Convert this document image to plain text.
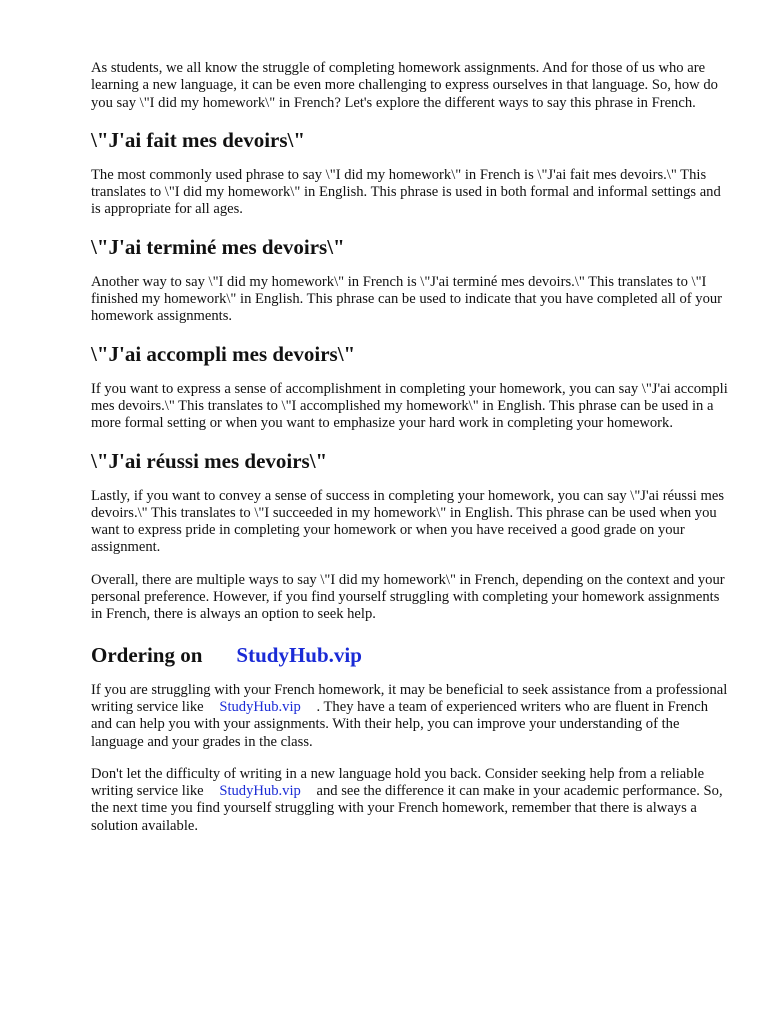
As students, we all know the struggle of completing homework assignments. And for those of us who are learning a new language, it can be even more challenging to express ourselves in that language. So, how do you say \"I did my homework\" in French? Let's explore the different ways to say this phrase in French.

\"J'ai fait mes devoirs\"

The most commonly used phrase to say \"I did my homework\" in French is \"J'ai fait mes devoirs.\" This translates to \"I did my homework\" in English. This phrase is used in both formal and informal settings and is appropriate for all ages.

\"J'ai terminé mes devoirs\"

Another way to say \"I did my homework\" in French is \"J'ai terminé mes devoirs.\" This translates to \"I finished my homework\" in English. This phrase can be used to indicate that you have completed all of your homework assignments.

\"J'ai accompli mes devoirs\"

If you want to express a sense of accomplishment in completing your homework, you can say \"J'ai accompli mes devoirs.\" This translates to \"I accomplished my homework\" in English. This phrase can be used in a more formal setting or when you want to emphasize your hard work in completing your homework.

\"J'ai réussi mes devoirs\"

Lastly, if you want to convey a sense of success in completing your homework, you can say \"J'ai réussi mes devoirs.\" This translates to \"I succeeded in my homework\" in English. This phrase can be used when you want to express pride in completing your homework or when you have received a good grade on your assignment.

Overall, there are multiple ways to say \"I did my homework\" in French, depending on the context and your personal preference. However, if you find yourself struggling with completing your homework assignments in French, there is always an option to seek help.

Ordering on StudyHub.vip

If you are struggling with your French homework, it may be beneficial to seek assistance from a professional writing service like StudyHub.vip . They have a team of experienced writers who are fluent in French and can help you with your assignments. With their help, you can improve your understanding of the language and your grades in the class.

Don't let the difficulty of writing in a new language hold you back. Consider seeking help from a reliable writing service like StudyHub.vip and see the difference it can make in your academic performance. So, the next time you find yourself struggling with your French homework, remember that there is always a solution available.
